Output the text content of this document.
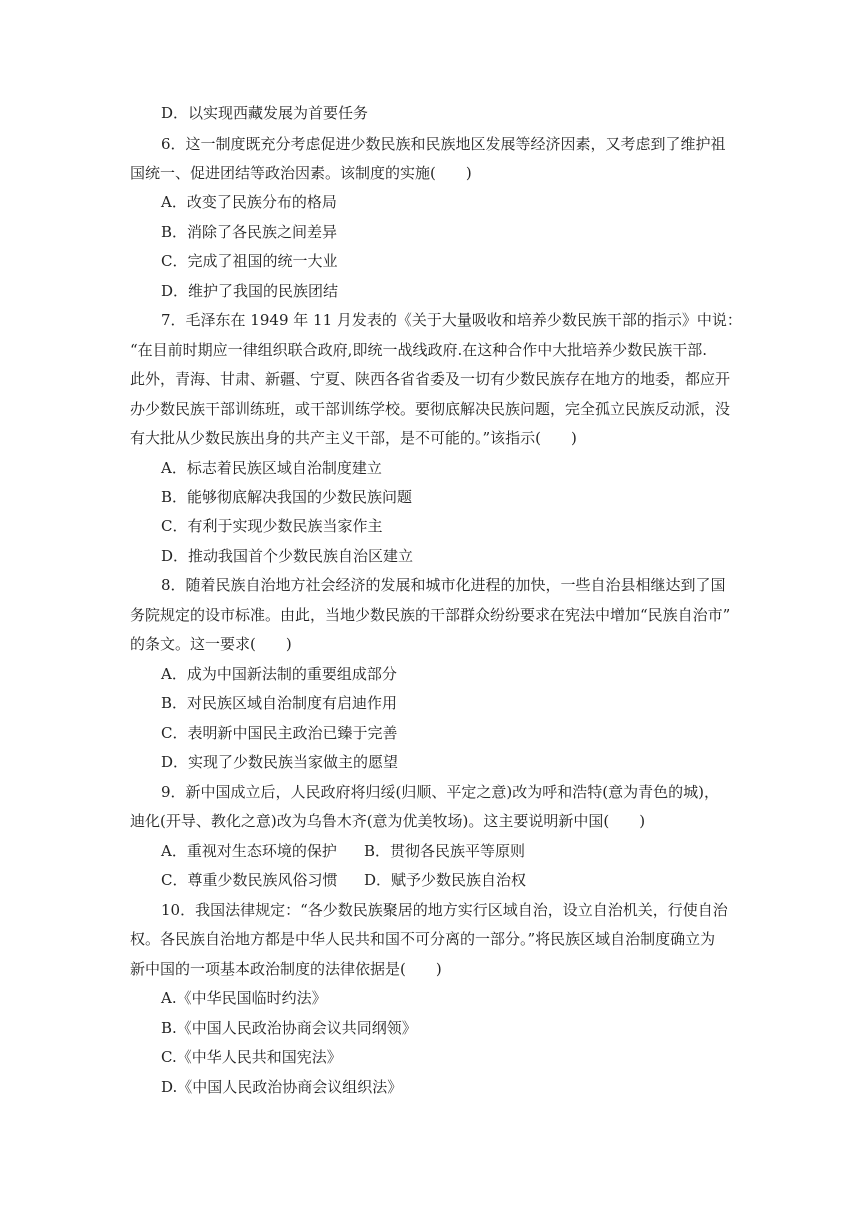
D．以实现西藏发展为首要任务
6．这一制度既充分考虑促进少数民族和民族地区发展等经济因素，又考虑到了维护祖
国统一、促进团结等政治因素。该制度的实施(　　)
A．改变了民族分布的格局
B．消除了各民族之间差异
C．完成了祖国的统一大业
D．维护了我国的民族团结
7．毛泽东在 1949 年 11 月发表的《关于大量吸收和培养少数民族干部的指示》中说：
“在目前时期应一律组织联合政府,即统一战线政府.在这种合作中大批培养少数民族干部.
此外，青海、甘肃、新疆、宁夏、陕西各省省委及一切有少数民族存在地方的地委，都应开
办少数民族干部训练班，或干部训练学校。要彻底解决民族问题，完全孤立民族反动派，没
有大批从少数民族出身的共产主义干部，是不可能的。”该指示(　　)
A．标志着民族区域自治制度建立
B．能够彻底解决我国的少数民族问题
C．有利于实现少数民族当家作主
D．推动我国首个少数民族自治区建立
8．随着民族自治地方社会经济的发展和城市化进程的加快，一些自治县相继达到了国
务院规定的设市标准。由此，当地少数民族的干部群众纷纷要求在宪法中增加“民族自治市”
的条文。这一要求(　　)
A．成为中国新法制的重要组成部分
B．对民族区域自治制度有启迪作用
C．表明新中国民主政治已臻于完善
D．实现了少数民族当家做主的愿望
9．新中国成立后，人民政府将归绥(归顺、平定之意)改为呼和浩特(意为青色的城)，
迪化(开导、教化之意)改为乌鲁木齐(意为优美牧场)。这主要说明新中国(　　)
A．重视对生态环境的保护 B．贯彻各民族平等原则
C．尊重少数民族风俗习惯 D．赋予少数民族自治权
10．我国法律规定：“各少数民族聚居的地方实行区域自治，设立自治机关，行使自治
权。各民族自治地方都是中华人民共和国不可分离的一部分。”将民族区域自治制度确立为
新中国的一项基本政治制度的法律依据是(　　)
A.《中华民国临时约法》
B.《中国人民政治协商会议共同纲领》
C.《中华人民共和国宪法》
D.《中国人民政治协商会议组织法》
